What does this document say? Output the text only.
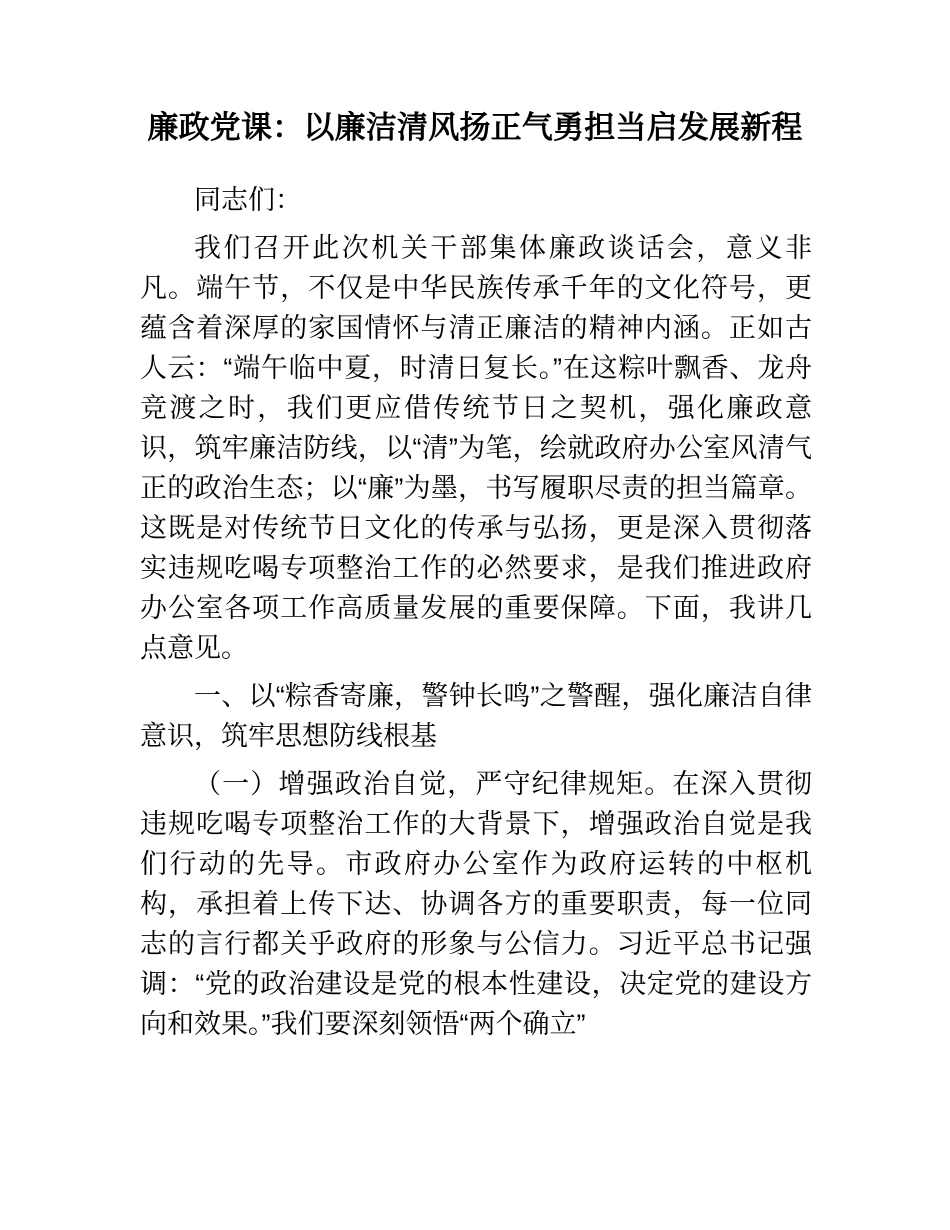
廉政党课：以廉洁清风扬正气勇担当启发展新程

同志们：

我们召开此次机关干部集体廉政谈话会，意义非凡。端午节，不仅是中华民族传承千年的文化符号，更蕴含着深厚的家国情怀与清正廉洁的精神内涵。正如古人云：“端午临中夏，时清日复长。”在这粽叶飘香、龙舟竞渡之时，我们更应借传统节日之契机，强化廉政意识，筑牢廉洁防线，以“清”为笔，绘就政府办公室风清气正的政治生态；以“廉”为墨，书写履职尽责的担当篇章。这既是对传统节日文化的传承与弘扬，更是深入贯彻落实违规吃喝专项整治工作的必然要求，是我们推进政府办公室各项工作高质量发展的重要保障。下面，我讲几点意见。

一、以“粽香寄廉，警钟长鸣”之警醒，强化廉洁自律意识，筑牢思想防线根基

（一）增强政治自觉，严守纪律规矩。在深入贯彻违规吃喝专项整治工作的大背景下，增强政治自觉是我们行动的先导。市政府办公室作为政府运转的中枢机构，承担着上传下达、协调各方的重要职责，每一位同志的言行都关乎政府的形象与公信力。习近平总书记强调：“党的政治建设是党的根本性建设，决定党的建设方向和效果。”我们要深刻领悟“两个确立”
